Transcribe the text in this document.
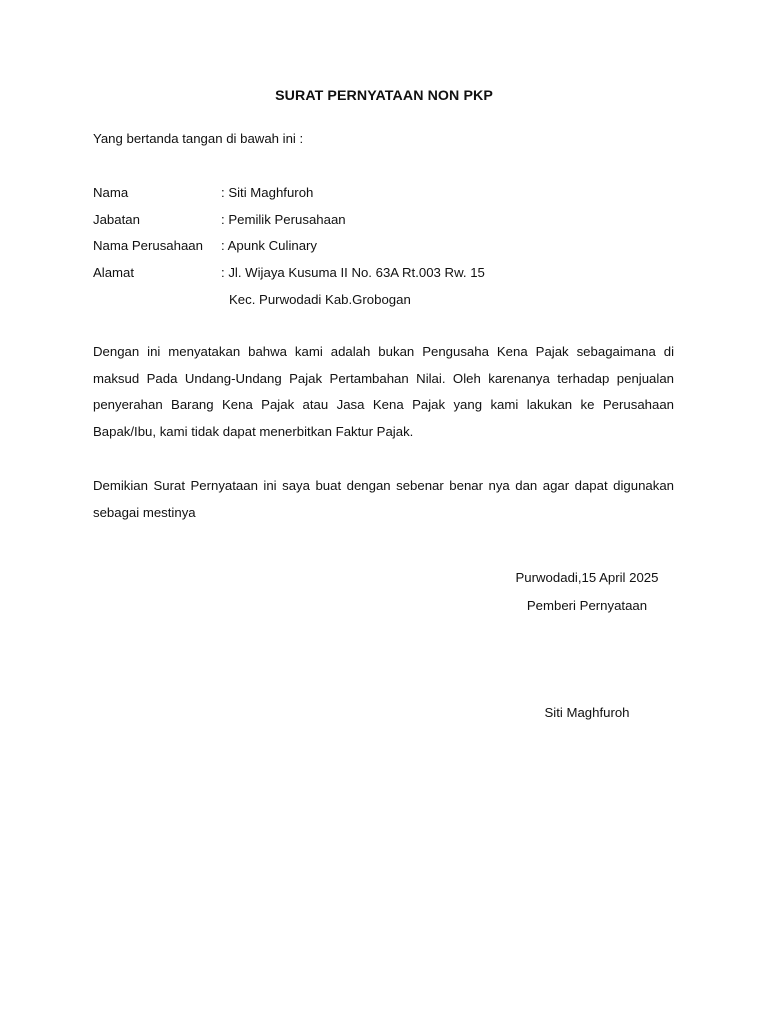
SURAT PERNYATAAN NON PKP
Yang bertanda tangan di bawah ini :
Nama	: Siti Maghfuroh
Jabatan	: Pemilik Perusahaan
Nama Perusahaan : Apunk Culinary
Alamat	: Jl. Wijaya Kusuma II No. 63A Rt.003 Rw. 15
Kec. Purwodadi Kab.Grobogan
Dengan ini menyatakan bahwa kami adalah bukan Pengusaha Kena Pajak sebagaimana di maksud Pada Undang-Undang Pajak Pertambahan Nilai. Oleh karenanya terhadap penjualan penyerahan Barang Kena Pajak atau Jasa Kena Pajak yang kami lakukan ke Perusahaan Bapak/Ibu, kami tidak dapat menerbitkan Faktur Pajak.
Demikian Surat Pernyataan ini saya buat dengan sebenar benar nya dan agar dapat digunakan sebagai mestinya
Purwodadi,15 April 2025
Pemberi Pernyataan
Siti Maghfuroh
